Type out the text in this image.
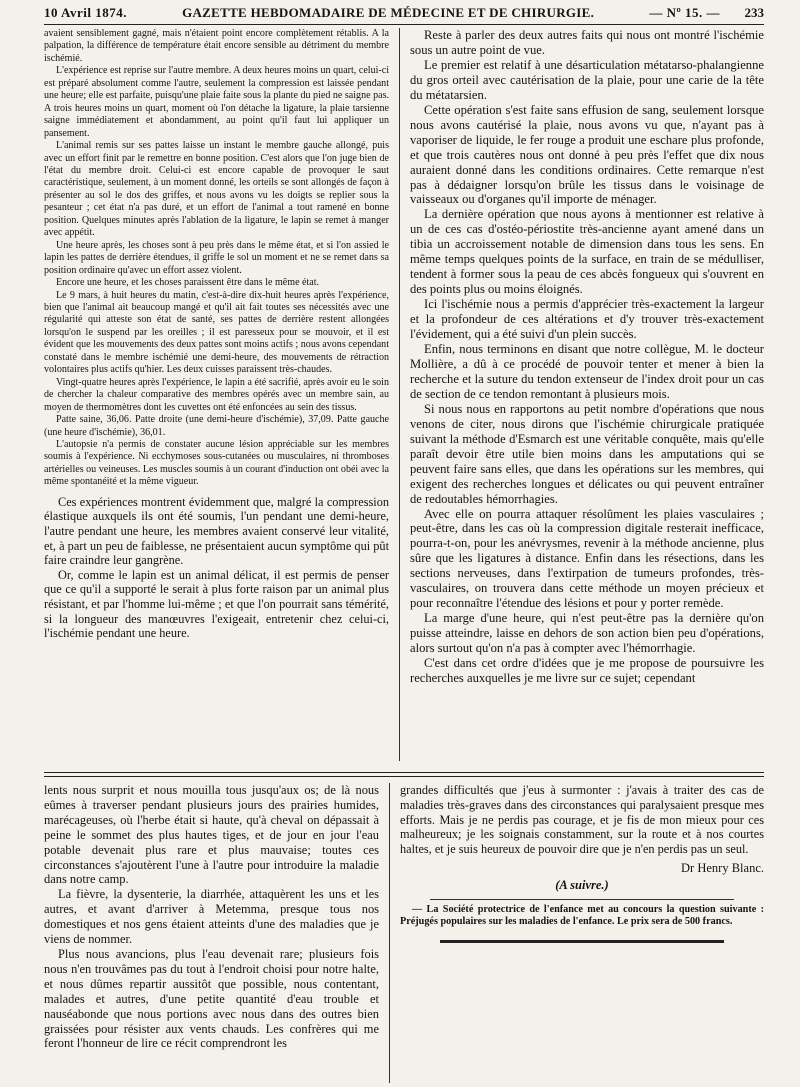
10 Avril 1874.	GAZETTE HEBDOMADAIRE DE MÉDECINE ET DE CHIRURGIE.	— Nº 15. — 233

avaient sensiblement gagné, mais n'étaient point encore complètement rétablis. A la palpation, la différence de température était encore sensible au détriment du membre ischémié.

L'expérience est reprise sur l'autre membre. A deux heures moins un quart, celui-ci est préparé absolument comme l'autre, seulement la compression est laissée pendant une heure; elle est parfaite, puisqu'une plaie faite sous la plante du pied ne saigne pas. A trois heures moins un quart, moment où l'on détache la ligature, la plaie tarsienne saigne immédiatement et abondamment, au point qu'il faut lui appliquer un pansement.

L'animal remis sur ses pattes laisse un instant le membre gauche allongé, puis avec un effort finit par le remettre en bonne position. C'est alors que l'on juge bien de l'état du membre droit. Celui-ci est encore capable de provoquer le saut caractéristique, seulement, à un moment donné, les orteils se sont allongés de façon à présenter au sol le dos des griffes, et nous avons vu les doigts se replier sous la pesanteur ; cet état n'a pas duré, et un effort de l'animal a tout ramené en bonne position. Quelques minutes après l'ablation de la ligature, le lapin se remet à manger avec appétit.

Une heure après, les choses sont à peu près dans le même état, et si l'on assied le lapin les pattes de derrière étendues, il griffe le sol un moment et ne se remet dans sa position ordinaire qu'avec un effort assez violent.

Encore une heure, et les choses paraissent être dans le même état.

Le 9 mars, à huit heures du matin, c'est-à-dire dix-huit heures après l'expérience, bien que l'animal ait beaucoup mangé et qu'il ait fait toutes ses nécessités avec une régularité qui atteste son état de santé, ses pattes de derrière restent allongées lorsqu'on le suspend par les oreilles ; il est paresseux pour se mouvoir, et il est évident que les mouvements des deux pattes sont moins actifs ; nous avons cependant constaté dans le membre ischémié une demi-heure, des mouvements de rétraction volontaires plus actifs qu'hier. Les deux cuisses paraissent très-chaudes.

Vingt-quatre heures après l'expérience, le lapin a été sacrifié, après avoir eu le soin de chercher la chaleur comparative des membres opérés avec un membre sain, au moyen de thermomètres dont les cuvettes ont été enfoncées au sein des tissus.

Patte saine, 36,06. Patte droite (une demi-heure d'ischémie), 37,09. Patte gauche (une heure d'ischémie), 36,01.

L'autopsie n'a permis de constater aucune lésion appréciable sur les membres soumis à l'expérience. Ni ecchymoses sous-cutanées ou musculaires, ni thromboses artérielles ou veineuses. Les muscles soumis à un courant d'induction ont obéi avec la même spontanéité et la même vigueur.

Ces expériences montrent évidemment que, malgré la compression élastique auxquels ils ont été soumis, l'un pendant une demi-heure, l'autre pendant une heure, les membres avaient conservé leur vitalité, et, à part un peu de faiblesse, ne présentaient aucun symptôme qui pût faire craindre leur gangrène.

Or, comme le lapin est un animal délicat, il est permis de penser que ce qu'il a supporté le serait à plus forte raison par un animal plus résistant, et par l'homme lui-même ; et que l'on pourrait sans témérité, si la longueur des manœuvres l'exigeait, entretenir chez celui-ci, l'ischémie pendant une heure.

Reste à parler des deux autres faits qui nous ont montré l'ischémie sous un autre point de vue.

Le premier est relatif à une désarticulation métatarso-phalangienne du gros orteil avec cautérisation de la plaie, pour une carie de la tête du métatarsien.

Cette opération s'est faite sans effusion de sang, seulement lorsque nous avons cautérisé la plaie, nous avons vu que, n'ayant pas à vaporiser de liquide, le fer rouge a produit une eschare plus profonde, et que trois cautères nous ont donné à peu près l'effet que dix nous auraient donné dans les conditions ordinaires. Cette remarque n'est pas à dédaigner lorsqu'on brûle les tissus dans le voisinage de vaisseaux ou d'organes qu'il importe de ménager.

La dernière opération que nous ayons à mentionner est relative à un de ces cas d'ostéo-périostite très-ancienne ayant amené dans un tibia un accroissement notable de dimension dans tous les sens. En même temps quelques points de la surface, en train de se médulliser, tendent à former sous la peau de ces abcès fongueux qui s'ouvrent en des points plus ou moins éloignés.

Ici l'ischémie nous a permis d'apprécier très-exactement la largeur et la profondeur de ces altérations et d'y trouver très-exactement l'évidement, qui a été suivi d'un plein succès.

Enfin, nous terminons en disant que notre collègue, M. le docteur Mollière, a dû à ce procédé de pouvoir tenter et mener à bien la recherche et la suture du tendon extenseur de l'index droit pour un cas de section de ce tendon remontant à plusieurs mois.

Si nous nous en rapportons au petit nombre d'opérations que nous venons de citer, nous dirons que l'ischémie chirurgicale pratiquée suivant la méthode d'Esmarch est une véritable conquête, mais qu'elle paraît devoir être utile bien moins dans les amputations qui se peuvent faire sans elles, que dans les opérations sur les membres, qui exigent des recherches longues et délicates ou qui peuvent entraîner de redoutables hémorrhagies.

Avec elle on pourra attaquer résolûment les plaies vasculaires ; peut-être, dans les cas où la compression digitale resterait inefficace, pourra-t-on, pour les anévrysmes, revenir à la méthode ancienne, plus sûre que les ligatures à distance. Enfin dans les résections, dans les sections nerveuses, dans l'extirpation de tumeurs profondes, très-vasculaires, on trouvera dans cette méthode un moyen précieux et pour reconnaître l'étendue des lésions et pour y porter remède.

La marge d'une heure, qui n'est peut-être pas la dernière qu'on puisse atteindre, laisse en dehors de son action bien peu d'opérations, alors surtout qu'on n'a pas à compter avec l'hémorrhagie.

C'est dans cet ordre d'idées que je me propose de poursuivre les recherches auxquelles je me livre sur ce sujet; cependant

lents nous surprit et nous mouilla tous jusqu'aux os; de là nous eûmes à traverser pendant plusieurs jours des prairies humides, marécageuses, où l'herbe était si haute, qu'à cheval on dépassait à peine le sommet des plus hautes tiges, et de jour en jour l'eau potable devenait plus rare et plus mauvaise; toutes ces circonstances s'ajoutèrent l'une à l'autre pour introduire la maladie dans notre camp.

La fièvre, la dysenterie, la diarrhée, attaquèrent les uns et les autres, et avant d'arriver à Metemma, presque tous nos domestiques et nos gens étaient atteints d'une des maladies que je viens de nommer.

Plus nous avancions, plus l'eau devenait rare; plusieurs fois nous n'en trouvâmes pas du tout à l'endroit choisi pour notre halte, et nous dûmes repartir aussitôt que possible, nous contentant, malades et autres, d'une petite quantité d'eau trouble et nauséabonde que nous portions avec nous dans des outres bien graissées pour résister aux vents chauds. Les confrères qui me feront l'honneur de lire ce récit comprendront les

grandes difficultés que j'eus à surmonter : j'avais à traiter des cas de maladies très-graves dans des circonstances qui paralysaient presque mes efforts. Mais je ne perdis pas courage, et je fis de mon mieux pour ces malheureux; je les soignais constamment, sur la route et à nos courtes haltes, et je suis heureux de pouvoir dire que je n'en perdis pas un seul.

Dr Henry Blanc.

(A suivre.)

— La Société protectrice de l'enfance met au concours la question suivante : Préjugés populaires sur les maladies de l'enfance. Le prix sera de 500 francs.
